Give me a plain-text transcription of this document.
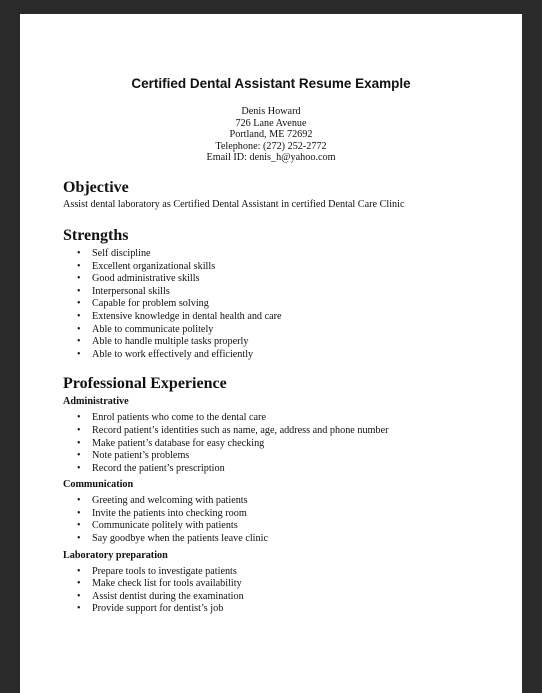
Certified Dental Assistant Resume Example
Denis Howard
726 Lane Avenue
Portland, ME 72692
Telephone: (272) 252-2772
Email ID: denis_h@yahoo.com
Objective
Assist dental laboratory as Certified Dental Assistant in certified Dental Care Clinic
Strengths
• Self discipline
• Excellent organizational skills
• Good administrative skills
• Interpersonal skills
• Capable for problem solving
• Extensive knowledge in dental health and care
• Able to communicate politely
• Able to handle multiple tasks properly
• Able to work effectively and efficiently
Professional Experience
Administrative
• Enrol patients who come to the dental care
• Record patient’s identities such as name, age, address and phone number
• Make patient’s database for easy checking
• Note patient’s problems
• Record the patient’s prescription
Communication
• Greeting and welcoming with patients
• Invite the patients into checking room
• Communicate politely with patients
• Say goodbye when the patients leave clinic
Laboratory preparation
• Prepare tools to investigate patients
• Make check list for tools availability
• Assist dentist during the examination
• Provide support for dentist’s job
